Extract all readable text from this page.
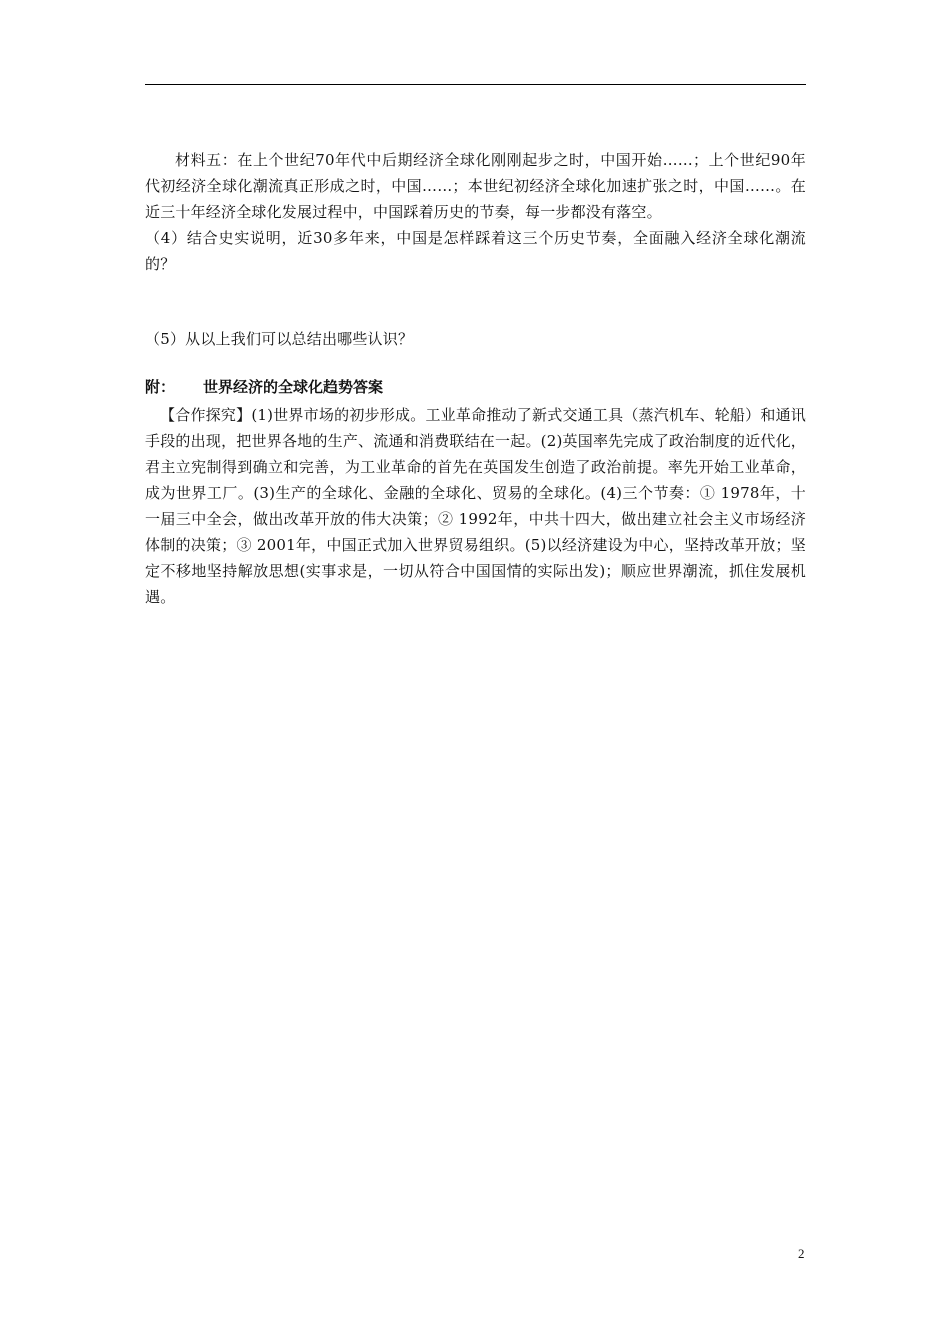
材料五：在上个世纪70年代中后期经济全球化刚刚起步之时，中国开始……；上个世纪90年代初经济全球化潮流真正形成之时，中国……；本世纪初经济全球化加速扩张之时，中国……。在近三十年经济全球化发展过程中，中国踩着历史的节奏，每一步都没有落空。

（4）结合史实说明，近30多年来，中国是怎样踩着这三个历史节奏，全面融入经济全球化潮流的？

（5）从以上我们可以总结出哪些认识？
附： 世界经济的全球化趋势答案

【合作探究】(1)世界市场的初步形成。工业革命推动了新式交通工具（蒸汽机车、轮船）和通讯手段的出现，把世界各地的生产、流通和消费联结在一起。(2)英国率先完成了政治制度的近代化，君主立宪制得到确立和完善，为工业革命的首先在英国发生创造了政治前提。率先开始工业革命，成为世界工厂。(3)生产的全球化、金融的全球化、贸易的全球化。(4)三个节奏：① 1978年，十一届三中全会，做出改革开放的伟大决策；② 1992年，中共十四大，做出建立社会主义市场经济体制的决策；③ 2001年，中国正式加入世界贸易组织。(5)以经济建设为中心，坚持改革开放；坚定不移地坚持解放思想(实事求是，一切从符合中国国情的实际出发)；顺应世界潮流，抓住发展机遇。

2
